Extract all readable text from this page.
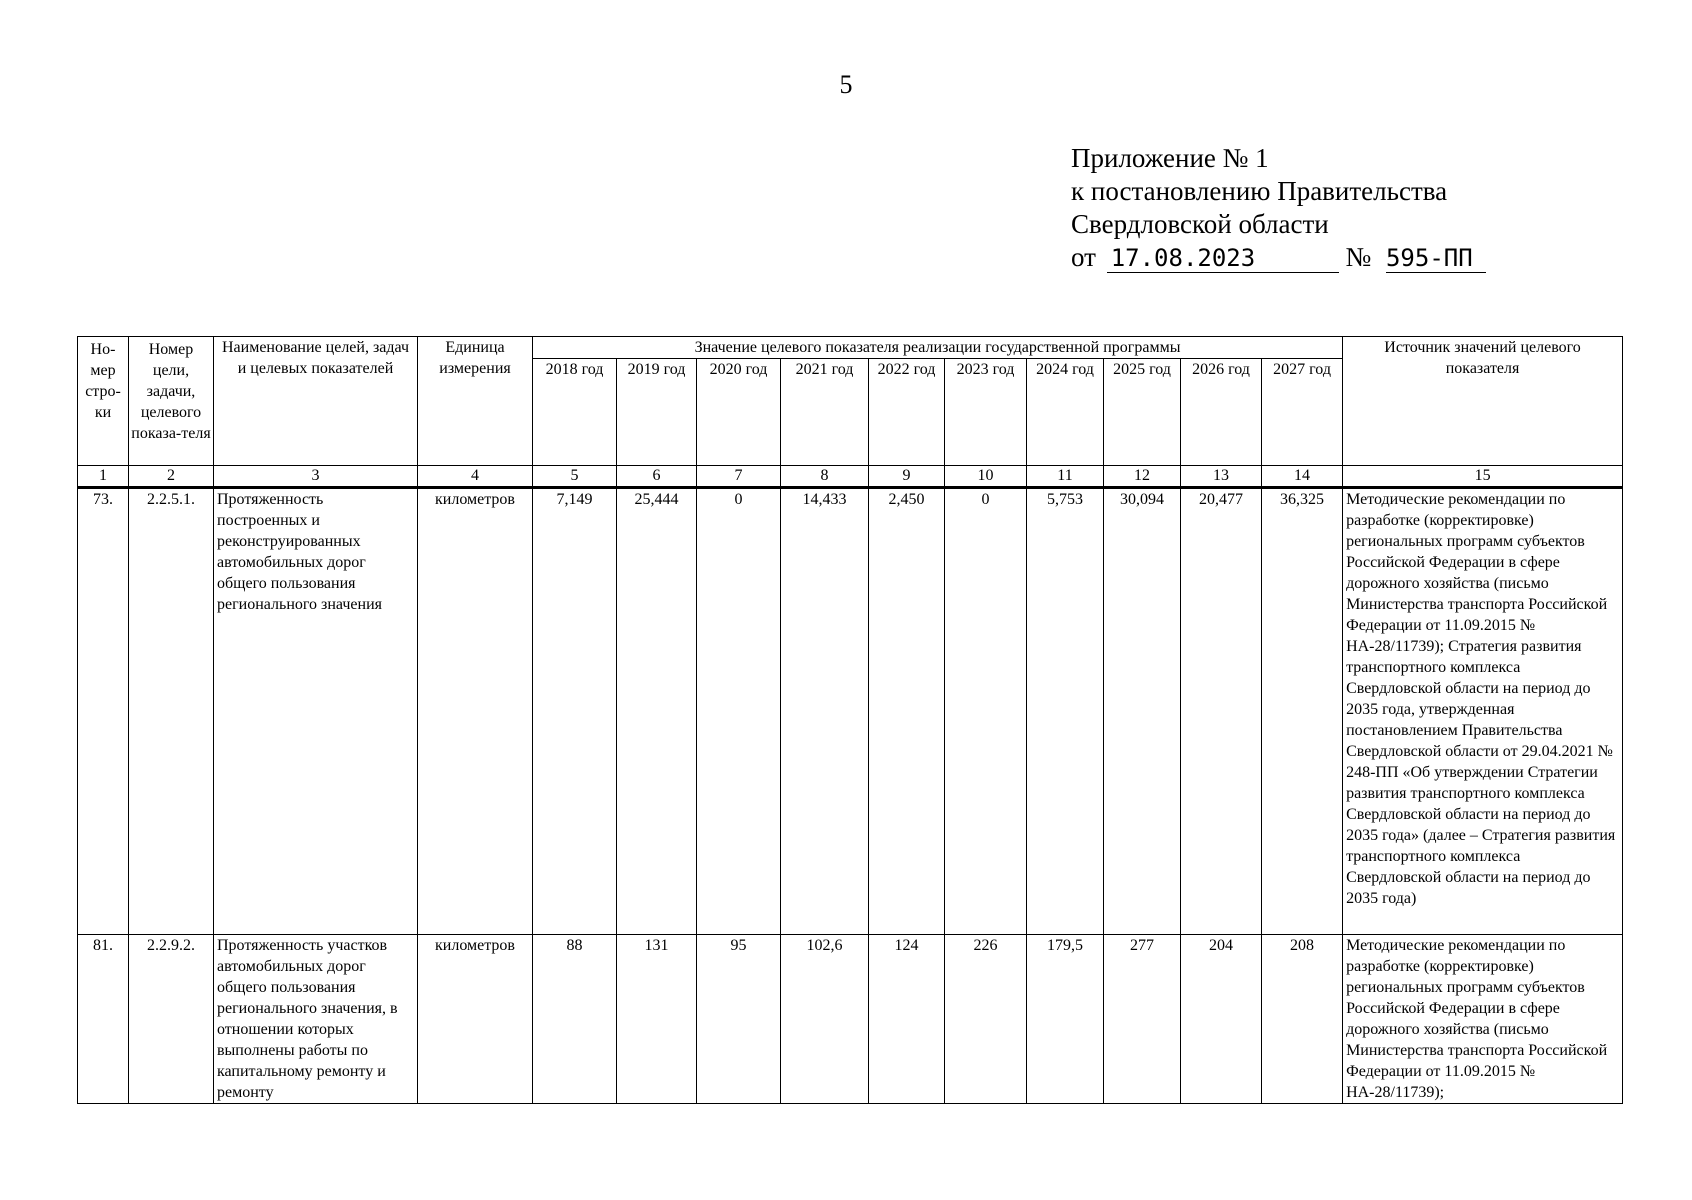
5
Приложение № 1
к постановлению Правительства
Свердловской области
от 17.08.2023	№ 595-ПП
Но-мер стро-ки	Номер цели, задачи, целевого показа-теля	Наименование целей, задач и целевых показателей	Единица измерения	Значение целевого показателя реализации государственной программы										Источник значений целевого показателя
				2018 год	2019 год	2020 год	2021 год	2022 год	2023 год	2024 год	2025 год	2026 год	2027 год	
1	2	3	4	5	6	7	8	9	10	11	12	13	14	15
73.	2.2.5.1.	Протяженность построенных и реконструированных автомобильных дорог общего пользования регионального значения	километров	7,149	25,444	0	14,433	2,450	0	5,753	30,094	20,477	36,325	Методические рекомендации по разработке (корректировке) региональных программ субъектов Российской Федерации в сфере дорожного хозяйства (письмо Министерства транспорта Российской Федерации от 11.09.2015 № НА-28/11739); Стратегия развития транспортного комплекса Свердловской области на период до 2035 года, утвержденная постановлением Правительства Свердловской области от 29.04.2021 № 248-ПП «Об утверждении Стратегии развития транспортного комплекса Свердловской области на период до 2035 года» (далее – Стратегия развития транспортного комплекса Свердловской области на период до 2035 года)
81.	2.2.9.2.	Протяженность участков автомобильных дорог общего пользования регионального значения, в отношении которых выполнены работы по капитальному ремонту и ремонту	километров	88	131	95	102,6	124	226	179,5	277	204	208	Методические рекомендации по разработке (корректировке) региональных программ субъектов Российской Федерации в сфере дорожного хозяйства (письмо Министерства транспорта Российской Федерации от 11.09.2015 № НА-28/11739);
